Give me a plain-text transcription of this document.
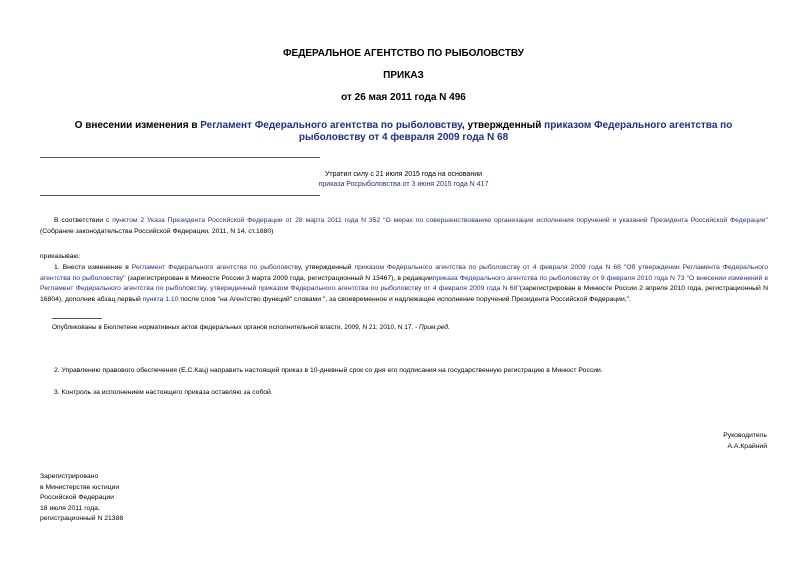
ФЕДЕРАЛЬНОЕ АГЕНТСТВО ПО РЫБОЛОВСТВУ
ПРИКАЗ
от 26 мая 2011 года N 496
О внесении изменения в Регламент Федерального агентства по рыболовству, утвержденный приказом Федерального агентства по рыболовству от 4 февраля 2009 года N 68
Утратил силу с 21 июля 2015 года на основании
приказа Росрыболовства от 3 июня 2015 года N 417
В соответствии с пунктом 2 Указа Президента Российской Федерации от 28 марта 2011 года N 352 "О мерах по совершенствованию организации исполнения поручений и указаний Президента Российской Федерации" (Собрание законодательства Российской Федерации, 2011, N 14, ст.1880)
приказываю:
1. Внести изменение в Регламент Федерального агентства по рыболовству, утвержденный приказом Федерального агентства по рыболовству от 4 февраля 2009 года N 68 "Об утверждении Регламента Федерального агентства по рыболовству" (зарегистрирован в Минюсте России 3 марта 2009 года, регистрационный N 13467), в редакцииприказа Федерального агентства по рыболовству от 9 февраля 2010 года N 73 "О внесении изменений в Регламент Федерального агентства по рыболовству, утвержденный приказом Федерального агентства по рыболовству от 4 февраля 2009 года N 68"(зарегистрирован в Минюсте России 2 апреля 2010 года, регистрационный N 16804), дополнив абзац первый пункта 1.10 после слов "на Агентство функций" словами ", за своевременное и надлежащее исполнение поручений Президента Российской Федерации,".
Опубликованы в Бюллетене нормативных актов федеральных органов исполнительной власти, 2009, N 21; 2010, N 17. - Прим.ред.
2. Управлению правового обеспечения (Е.С.Кац) направить настоящий приказ в 10-дневный срок со дня его подписания на государственную регистрацию в Минюст России.
3. Контроль за исполнением настоящего приказа оставляю за собой.
Руководитель
А.А.Крайний
Зарегистрировано
в Министерстве юстиции
Российской Федерации
18 июля 2011 года,
регистрационный N 21388
